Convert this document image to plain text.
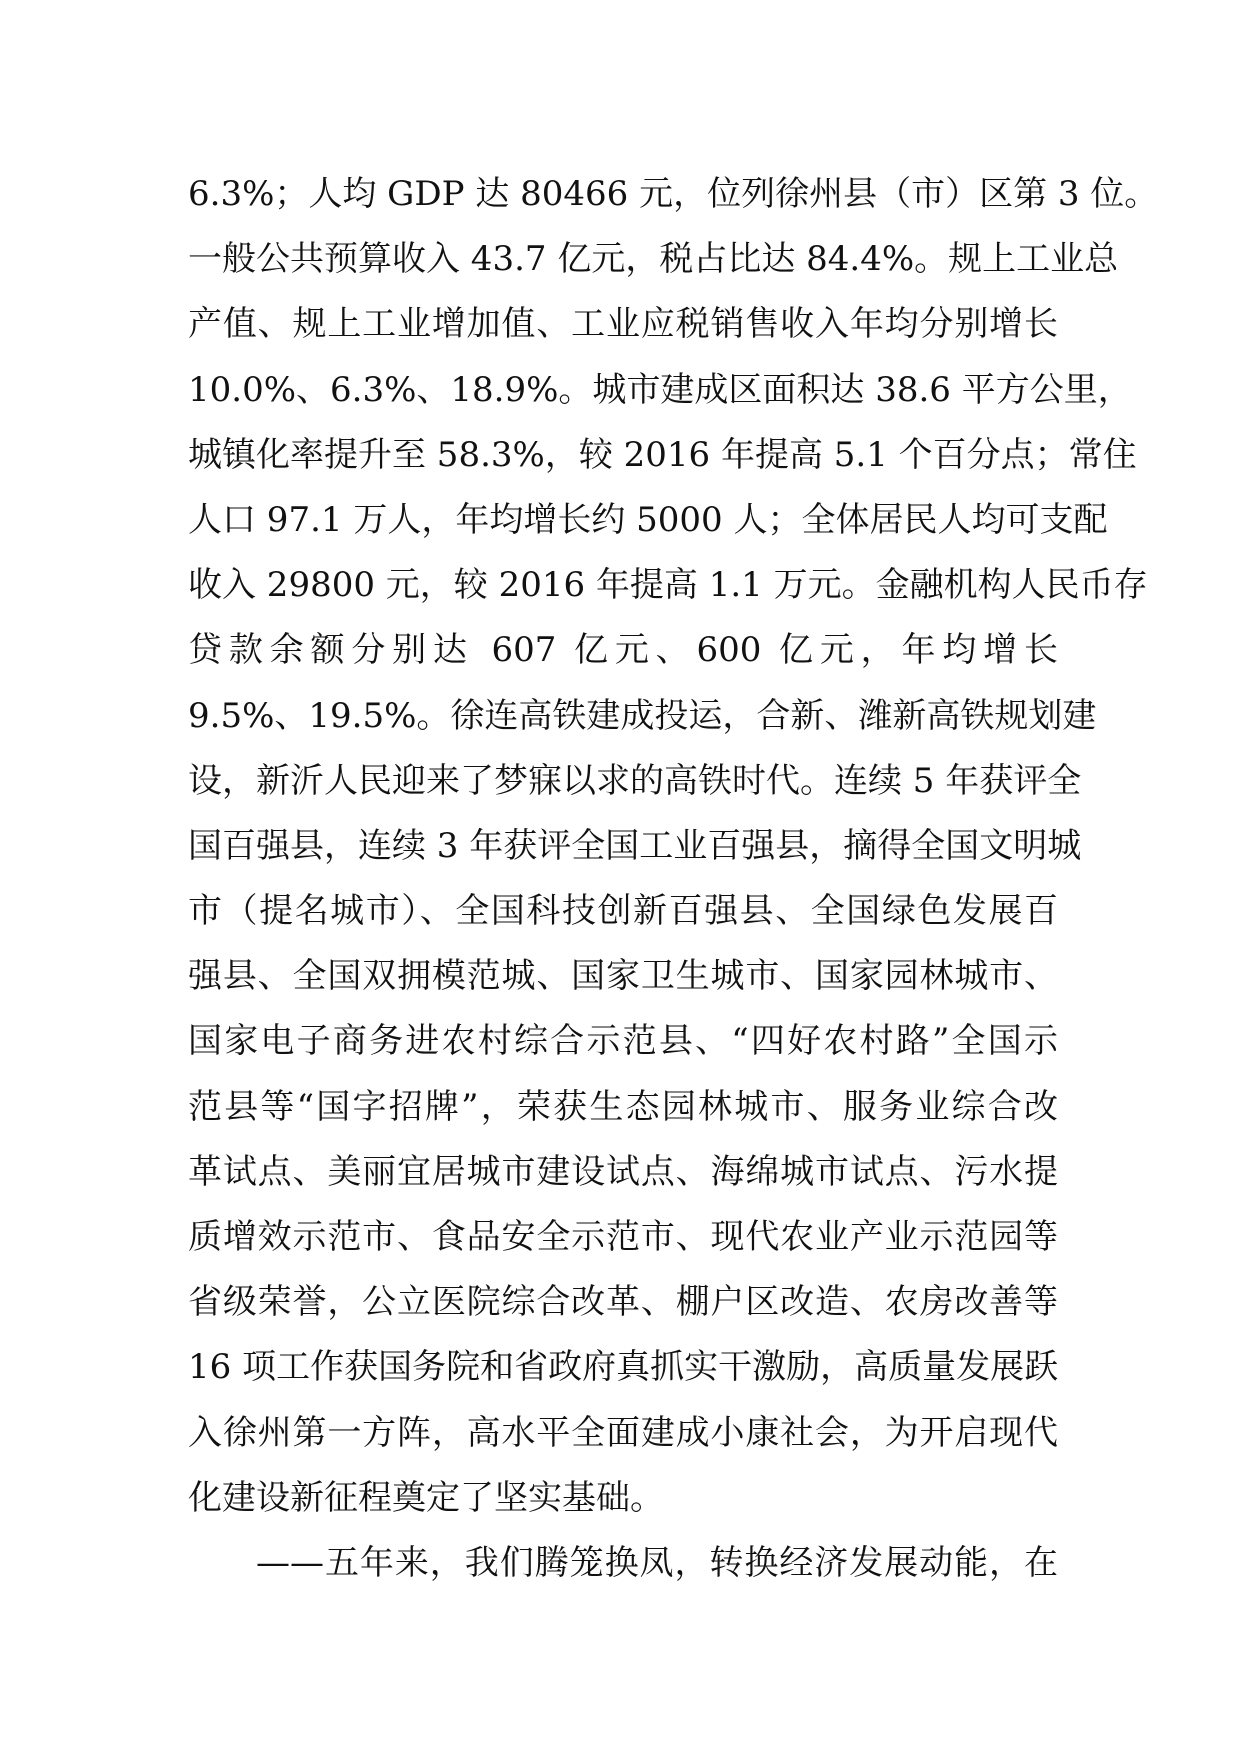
6.3%；人均 GDP 达 80466 元，位列徐州县（市）区第 3 位。
一般公共预算收入 43.7 亿元，税占比达 84.4%。规上工业总
产值、规上工业增加值、工业应税销售收入年均分别增长
10.0%、6.3%、18.9%。城市建成区面积达 38.6 平方公里，
城镇化率提升至 58.3%，较 2016 年提高 5.1 个百分点；常住
人口 97.1 万人，年均增长约 5000 人；全体居民人均可支配
收入 29800 元，较 2016 年提高 1.1 万元。金融机构人民币存
贷款余额分别达 607 亿元、600 亿元，年均增长
9.5%、19.5%。徐连高铁建成投运，合新、潍新高铁规划建
设，新沂人民迎来了梦寐以求的高铁时代。连续 5 年获评全
国百强县，连续 3 年获评全国工业百强县，摘得全国文明城
市（提名城市）、全国科技创新百强县、全国绿色发展百
强县、全国双拥模范城、国家卫生城市、国家园林城市、
国家电子商务进农村综合示范县、“四好农村路”全国示
范县等“国字招牌”，荣获生态园林城市、服务业综合改
革试点、美丽宜居城市建设试点、海绵城市试点、污水提
质增效示范市、食品安全示范市、现代农业产业示范园等
省级荣誉，公立医院综合改革、棚户区改造、农房改善等
16 项工作获国务院和省政府真抓实干激励，高质量发展跃
入徐州第一方阵，高水平全面建成小康社会，为开启现代
化建设新征程奠定了坚实基础。
——五年来，我们腾笼换凤，转换经济发展动能，在
